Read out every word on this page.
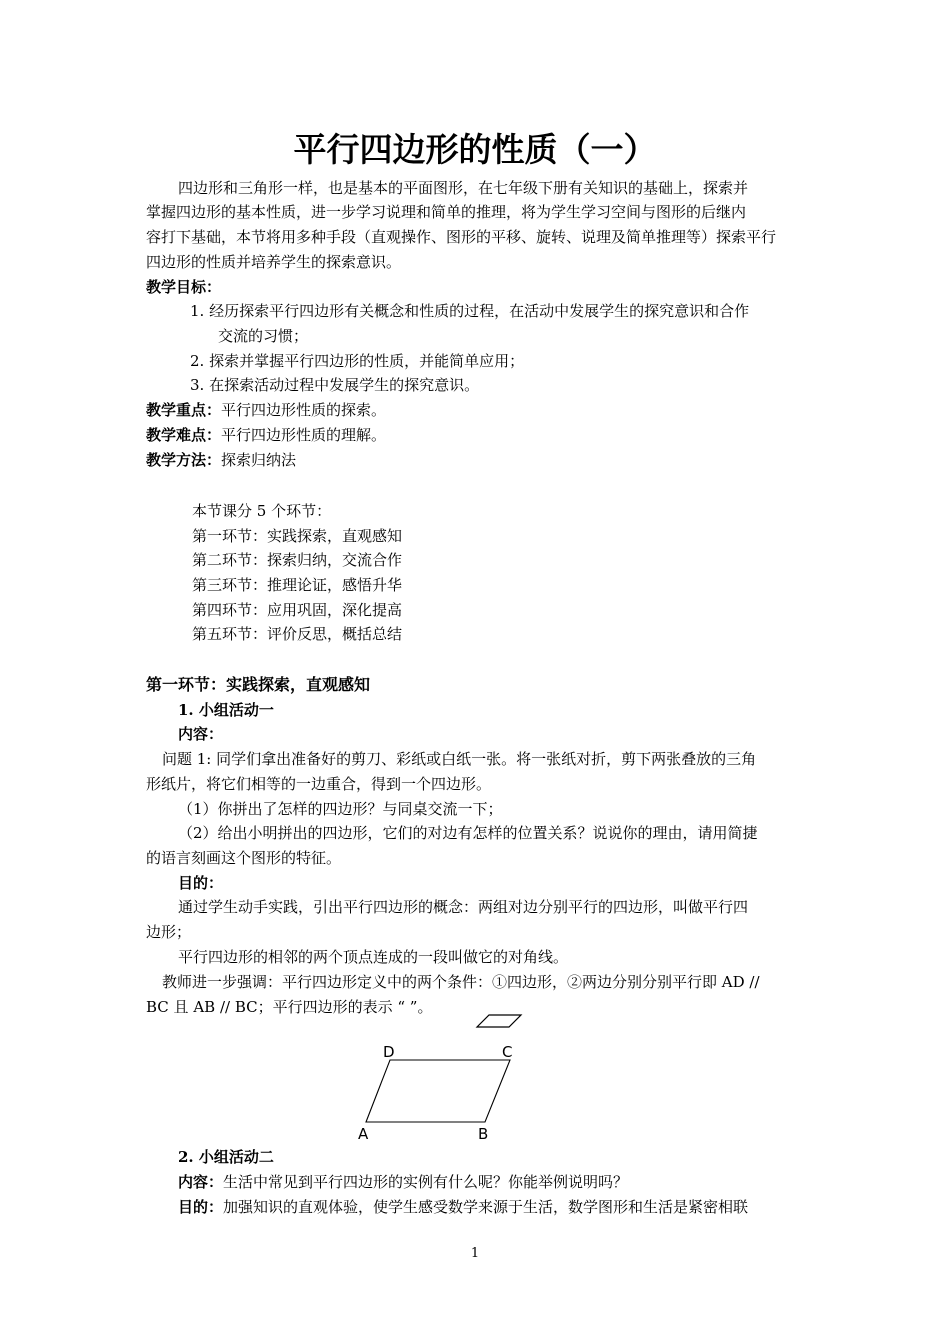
平行四边形的性质（一）
四边形和三角形一样，也是基本的平面图形，在七年级下册有关知识的基础上，探索并
掌握四边形的基本性质，进一步学习说理和简单的推理，将为学生学习空间与图形的后继内
容打下基础，本节将用多种手段（直观操作、图形的平移、旋转、说理及简单推理等）探索平行
四边形的性质并培养学生的探索意识。
教学目标：
1. 经历探索平行四边形有关概念和性质的过程，在活动中发展学生的探究意识和合作
交流的习惯；
2. 探索并掌握平行四边形的性质，并能简单应用；
3. 在探索活动过程中发展学生的探究意识。
教学重点：平行四边形性质的探索。
教学难点：平行四边形性质的理解。
教学方法：探索归纳法
本节课分 5 个环节：
第一环节：实践探索，直观感知
第二环节：探索归纳，交流合作
第三环节：推理论证，感悟升华
第四环节：应用巩固，深化提高
第五环节：评价反思，概括总结
第一环节：实践探索，直观感知
1. 小组活动一
内容：
问题 1: 同学们拿出准备好的剪刀、彩纸或白纸一张。将一张纸对折，剪下两张叠放的三角
形纸片，将它们相等的一边重合，得到一个四边形。
（1）你拼出了怎样的四边形？与同桌交流一下；
（2）给出小明拼出的四边形，它们的对边有怎样的位置关系？说说你的理由，请用简捷
的语言刻画这个图形的特征。
目的：
通过学生动手实践，引出平行四边形的概念：两组对边分别平行的四边形，叫做平行四
边形；
平行四边形的相邻的两个顶点连成的一段叫做它的对角线。
教师进一步强调：平行四边形定义中的两个条件：①四边形，②两边分别分别平行即 AD //
BC 且 AB // BC；平行四边形的表示 “ ”。
D	C
A	B
2. 小组活动二
内容：生活中常见到平行四边形的实例有什么呢？你能举例说明吗？
目的：加强知识的直观体验，使学生感受数学来源于生活，数学图形和生活是紧密相联
1
